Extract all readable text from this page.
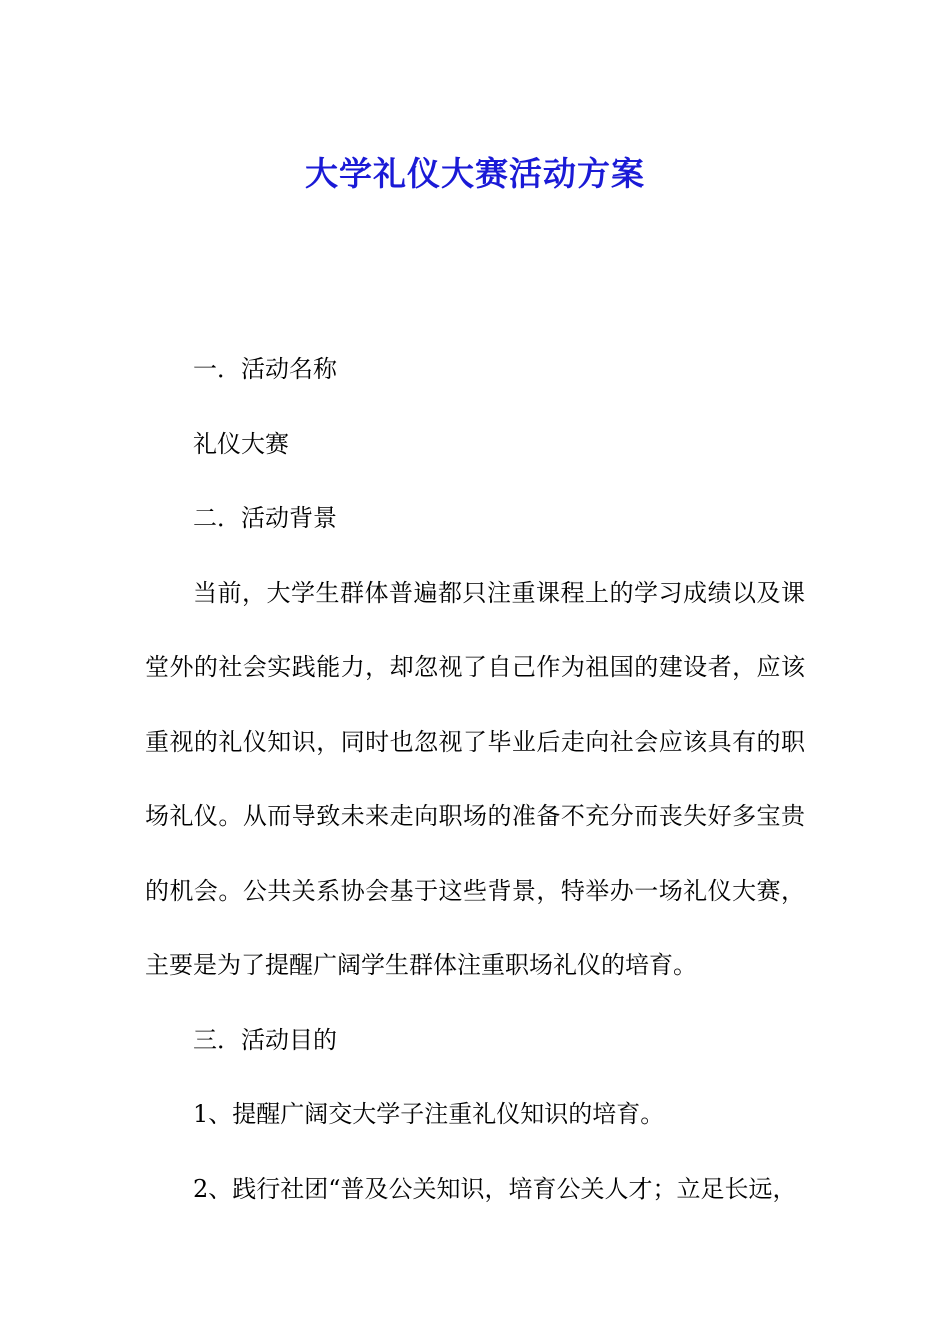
大学礼仪大赛活动方案

一．活动名称

礼仪大赛

二．活动背景

当前，大学生群体普遍都只注重课程上的学习成绩以及课堂外的社会实践能力，却忽视了自己作为祖国的建设者，应该重视的礼仪知识，同时也忽视了毕业后走向社会应该具有的职场礼仪。从而导致未来走向职场的准备不充分而丧失好多宝贵的机会。公共关系协会基于这些背景，特举办一场礼仪大赛，主要是为了提醒广阔学生群体注重职场礼仪的培育。

三．活动目的

1、提醒广阔交大学子注重礼仪知识的培育。

2、践行社团“普及公关知识，培育公关人才；立足长远，
